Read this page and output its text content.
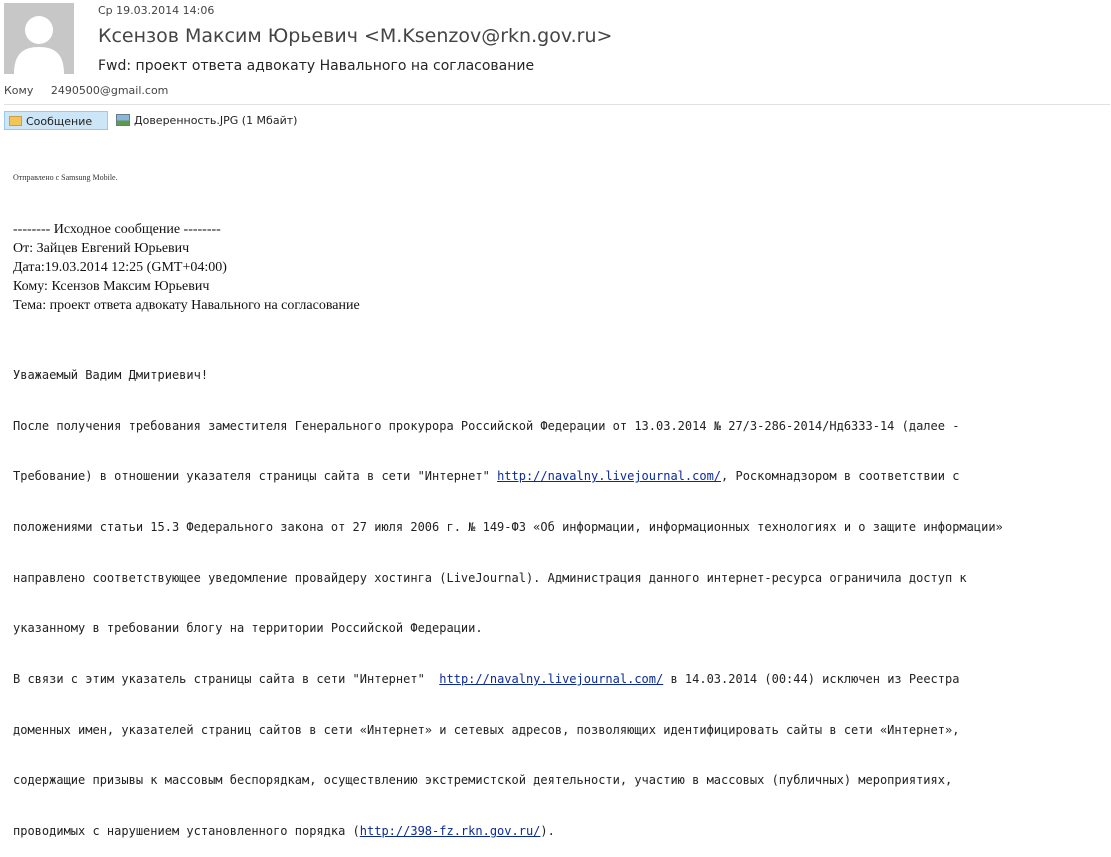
Ср 19.03.2014 14:06
Ксензов Максим Юрьевич <M.Ksenzov@rkn.gov.ru>
Fwd: проект ответа адвокату Навального на согласование
Кому 2490500@gmail.com
Сообщение	Доверенность.JPG (1 Мбайт)
Отправлено с Samsung Mobile.
-------- Исходное сообщение --------
От: Зайцев Евгений Юрьевич
Дата:19.03.2014 12:25 (GMT+04:00)
Кому: Ксензов Максим Юрьевич
Тема: проект ответа адвокату Навального на согласование

Уважаемый Вадим Дмитриевич!

После получения требования заместителя Генерального прокурора Российской Федерации от 13.03.2014 № 27/3-286-2014/Нд6333-14 (далее -

Требование) в отношении указателя страницы сайта в сети "Интернет" http://navalny.livejournal.com/, Роскомнадзором в соответствии с

положениями статьи 15.3 Федерального закона от 27 июля 2006 г. № 149-ФЗ «Об информации, информационных технологиях и о защите информации»

направлено соответствующее уведомление провайдеру хостинга (LiveJournal). Администрация данного интернет-ресурса ограничила доступ к

указанному в требовании блогу на территории Российской Федерации.

В связи с этим указатель страницы сайта в сети "Интернет"  http://navalny.livejournal.com/ в 14.03.2014 (00:44) исключен из Реестра

доменных имен, указателей страниц сайтов в сети «Интернет» и сетевых адресов, позволяющих идентифицировать сайты в сети «Интернет»,

содержащие призывы к массовым беспорядкам, осуществлению экстремистской деятельности, участию в массовых (публичных) мероприятиях,

проводимых с нарушением установленного порядка (http://398-fz.rkn.gov.ru/).
